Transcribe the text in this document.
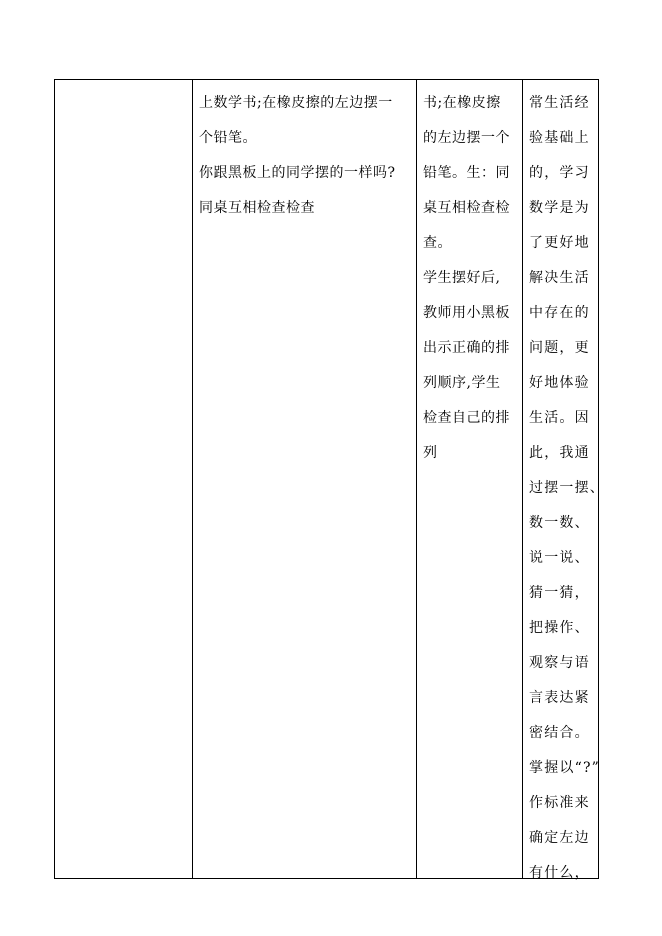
上数学书;在橡皮擦的左边摆一
个铅笔。
你跟黑板上的同学摆的一样吗?
同桌互相检查检查
书;在橡皮擦
的左边摆一个
铅笔。生：同
桌互相检查检
查。
学生摆好后,
教师用小黑板
出示正确的排
列顺序,学生
检查自己的排
列
常生活经
验基础上
的，学习
数学是为
了更好地
解决生活
中存在的
问题，更
好地体验
生活。因
此，我通
过摆一摆、
数一数、
说一说、
猜一猜，
把操作、
观察与语
言表达紧
密结合。
掌握以“?”
作标准来
确定左边
有什么，
